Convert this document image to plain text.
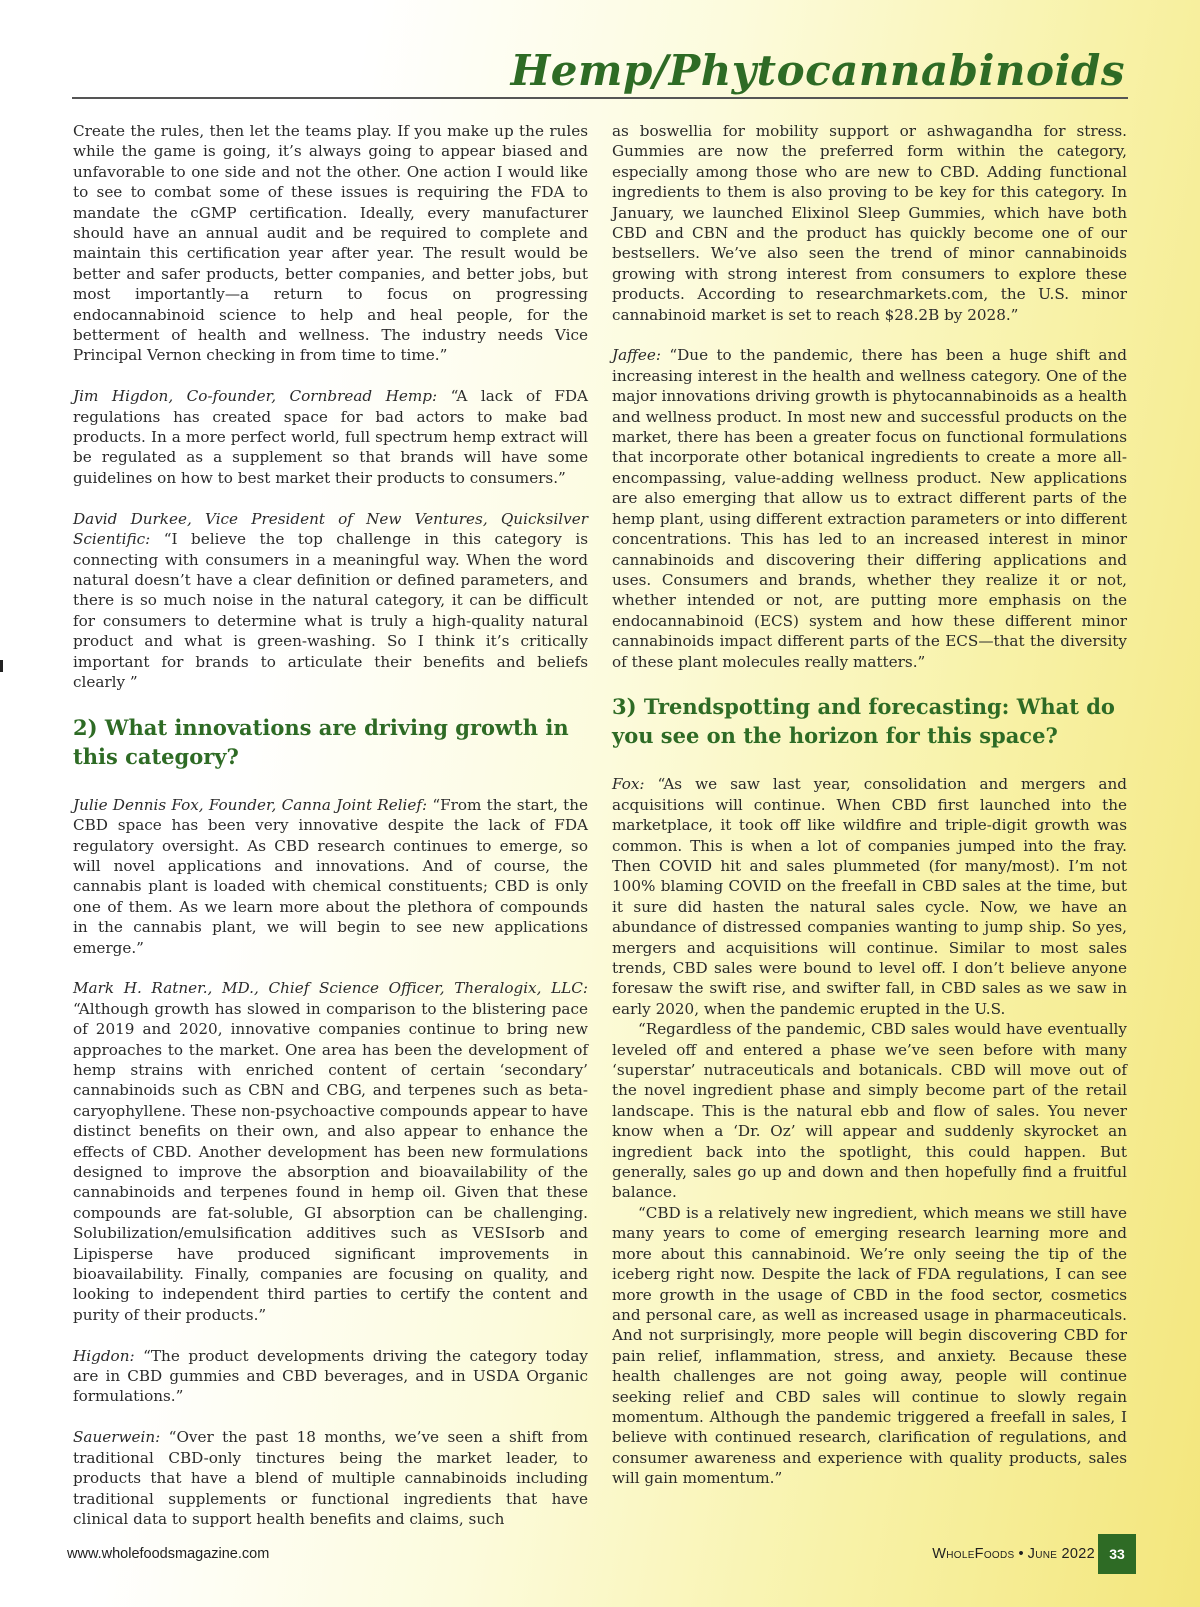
Hemp/Phytocannabinoids

Create the rules, then let the teams play. If you make up the rules while the game is going, it’s always going to appear biased and unfavorable to one side and not the other. One action I would like to see to combat some of these issues is requiring the FDA to mandate the cGMP certification. Ideally, every manufacturer should have an annual audit and be required to complete and maintain this certification year after year. The result would be better and safer products, better companies, and better jobs, but most importantly—a return to focus on progressing endocannabinoid science to help and heal people, for the betterment of health and wellness. The industry needs Vice Principal Vernon checking in from time to time.”

Jim Higdon, Co-founder, Cornbread Hemp: “A lack of FDA regulations has created space for bad actors to make bad products. In a more perfect world, full spectrum hemp extract will be regulated as a supplement so that brands will have some guidelines on how to best market their products to consumers.”

David Durkee, Vice President of New Ventures, Quicksilver Scientific: “I believe the top challenge in this category is connecting with consumers in a meaningful way. When the word natural doesn’t have a clear definition or defined parameters, and there is so much noise in the natural category, it can be difficult for consumers to determine what is truly a high-quality natural product and what is green-washing. So I think it’s critically important for brands to articulate their benefits and beliefs clearly ”

2) What innovations are driving growth in this category?

Julie Dennis Fox, Founder, Canna Joint Relief: “From the start, the CBD space has been very innovative despite the lack of FDA regulatory oversight. As CBD research continues to emerge, so will novel applications and innovations. And of course, the cannabis plant is loaded with chemical constituents; CBD is only one of them. As we learn more about the plethora of compounds in the cannabis plant, we will begin to see new applications emerge.”

Mark H. Ratner., MD., Chief Science Officer, Theralogix, LLC: “Although growth has slowed in comparison to the blistering pace of 2019 and 2020, innovative companies continue to bring new approaches to the market. One area has been the development of hemp strains with enriched content of certain ‘secondary’ cannabinoids such as CBN and CBG, and terpenes such as beta-caryophyllene. These non-psychoactive compounds appear to have distinct benefits on their own, and also appear to enhance the effects of CBD. Another development has been new formulations designed to improve the absorption and bioavailability of the cannabinoids and terpenes found in hemp oil. Given that these compounds are fat-soluble, GI absorption can be challenging. Solubilization/emulsification additives such as VESIsorb and Lipisperse have produced significant improvements in bioavailability. Finally, companies are focusing on quality, and looking to independent third parties to certify the content and purity of their products.”

Higdon: “The product developments driving the category today are in CBD gummies and CBD beverages, and in USDA Organic formulations.”

Sauerwein: “Over the past 18 months, we’ve seen a shift from traditional CBD-only tinctures being the market leader, to products that have a blend of multiple cannabinoids including traditional supplements or functional ingredients that have clinical data to support health benefits and claims, such

as boswellia for mobility support or ashwagandha for stress. Gummies are now the preferred form within the category, especially among those who are new to CBD. Adding functional ingredients to them is also proving to be key for this category. In January, we launched Elixinol Sleep Gummies, which have both CBD and CBN and the product has quickly become one of our bestsellers. We’ve also seen the trend of minor cannabinoids growing with strong interest from consumers to explore these products. According to researchmarkets.com, the U.S. minor cannabinoid market is set to reach $28.2B by 2028.”

Jaffee: “Due to the pandemic, there has been a huge shift and increasing interest in the health and wellness category. One of the major innovations driving growth is phytocannabinoids as a health and wellness product. In most new and successful products on the market, there has been a greater focus on functional formulations that incorporate other botanical ingredients to create a more all-encompassing, value-adding wellness product. New applications are also emerging that allow us to extract different parts of the hemp plant, using different extraction parameters or into different concentrations. This has led to an increased interest in minor cannabinoids and discovering their differing applications and uses. Consumers and brands, whether they realize it or not, whether intended or not, are putting more emphasis on the endocannabinoid (ECS) system and how these different minor cannabinoids impact different parts of the ECS—that the diversity of these plant molecules really matters.”

3) Trendspotting and forecasting: What do you see on the horizon for this space?

Fox: “As we saw last year, consolidation and mergers and acquisitions will continue. When CBD first launched into the marketplace, it took off like wildfire and triple-digit growth was common. This is when a lot of companies jumped into the fray. Then COVID hit and sales plummeted (for many/most). I’m not 100% blaming COVID on the freefall in CBD sales at the time, but it sure did hasten the natural sales cycle. Now, we have an abundance of distressed companies wanting to jump ship. So yes, mergers and acquisitions will continue. Similar to most sales trends, CBD sales were bound to level off. I don’t believe anyone foresaw the swift rise, and swifter fall, in CBD sales as we saw in early 2020, when the pandemic erupted in the U.S.

“Regardless of the pandemic, CBD sales would have eventually leveled off and entered a phase we’ve seen before with many ‘superstar’ nutraceuticals and botanicals. CBD will move out of the novel ingredient phase and simply become part of the retail landscape. This is the natural ebb and flow of sales. You never know when a ‘Dr. Oz’ will appear and suddenly skyrocket an ingredient back into the spotlight, this could happen. But generally, sales go up and down and then hopefully find a fruitful balance.

“CBD is a relatively new ingredient, which means we still have many years to come of emerging research learning more and more about this cannabinoid. We’re only seeing the tip of the iceberg right now. Despite the lack of FDA regulations, I can see more growth in the usage of CBD in the food sector, cosmetics and personal care, as well as increased usage in pharmaceuticals. And not surprisingly, more people will begin discovering CBD for pain relief, inflammation, stress, and anxiety. Because these health challenges are not going away, people will continue seeking relief and CBD sales will continue to slowly regain momentum. Although the pandemic triggered a freefall in sales, I believe with continued research, clarification of regulations, and consumer awareness and experience with quality products, sales will gain momentum.”

www.wholefoodsmagazine.com	WholeFoods • June 2022	33
